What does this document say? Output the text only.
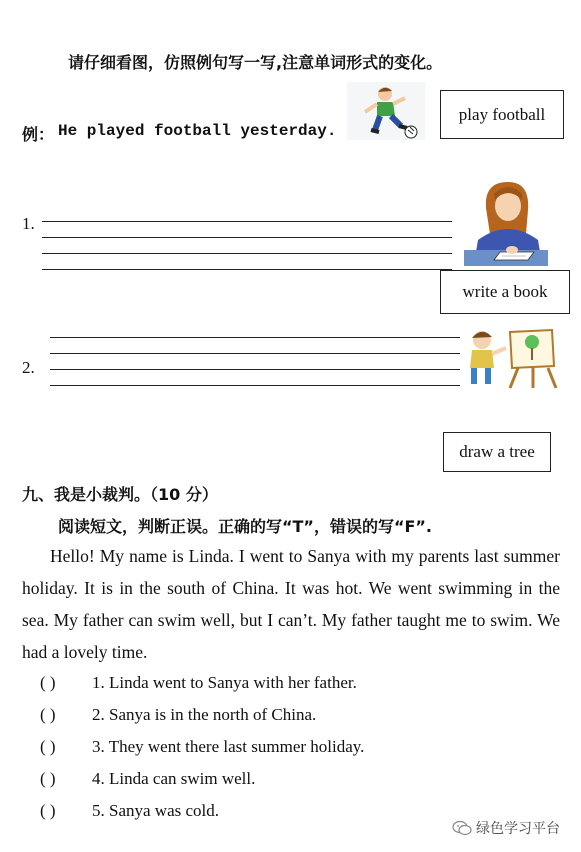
请仔细看图，仿照例句写一写,注意单词形式的变化。
例： He played football yesterday.
play football
1.
write a book
2.
draw a tree
九、我是小裁判。（10 分）
阅读短文，判断正误。正确的写“T”，错误的写“F”.
Hello! My name is Linda. I went to Sanya with my parents last summer holiday. It is in the south of China. It was hot. We went swimming in the sea. My father can swim well, but I can’t. My father taught me to swim. We had a lovely time.
( ) 1. Linda went to Sanya with her father.
( ) 2. Sanya is in the north of China.
( ) 3. They went there last summer holiday.
( ) 4. Linda can swim well.
( ) 5. Sanya was cold.
绿色学习平台
